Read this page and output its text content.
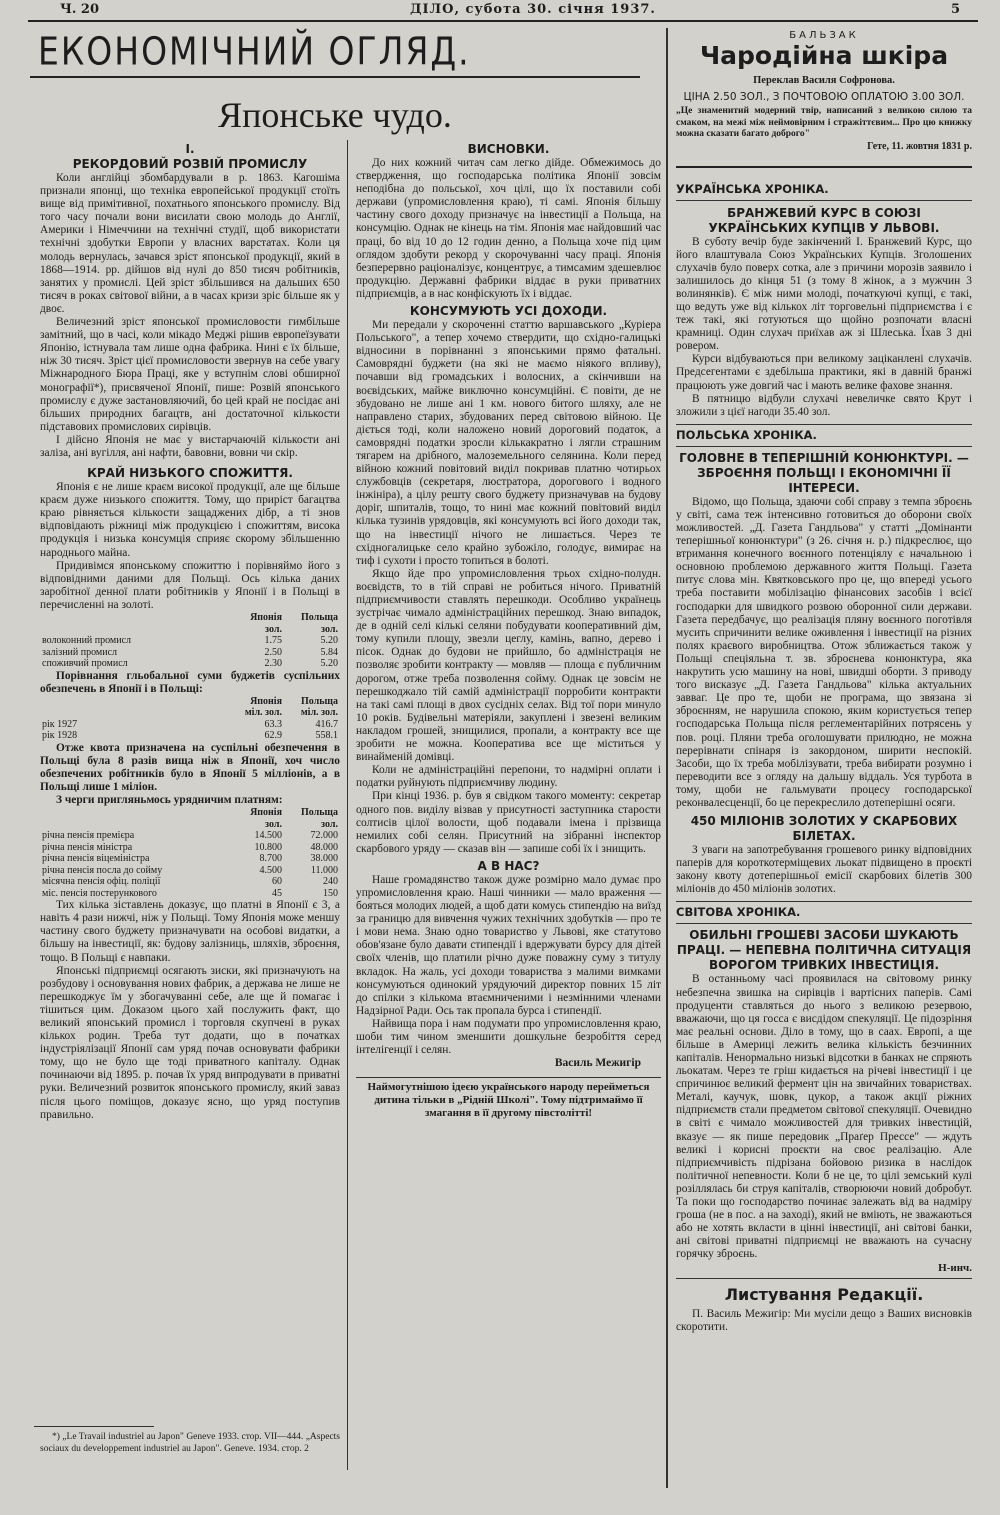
Ч. 20	ДІЛО, субота 30. січня 1937.	5
ЕКОНОМІЧНИЙ ОГЛЯД.
Японське чудо.
I.
РЕКОРДОВИЙ РОЗВІЙ ПРОМИСЛУ

Коли англійці збомбардували в р. 1863. Кагошіма признали японці, що техніка европейської продукції стоїть вище від примітивної, похатнього японського промислу. Від того часу почали вони висилати свою молодь до Англії, Америки і Німеччини на технічні студії, щоб використати технічні здобутки Европи у власних варстатах. Коли ця молодь вернулась, зачався зріст японської продукції, який в 1868—1914. рр. дійшов від нулі до 850 тисяч робітників, занятих у промислі. Цей зріст збільшився на дальших 650 тисяч в роках світової війни, а в часах кризи зріс більше як у двоє.

Величезний зріст японської промисловости гимбільше замітний, що в часі, коли мікадо Меджі рішив европеїзувати Японію, істнувала там лише одна фабрика. Нині є їх більше, ніж 30 тисяч. Зріст цієї промисловости звернув на себе увагу Міжнародного Бюра Праці, яке у вступнім слові обширної монографії*), присвяченої Японії, пише: Розвій японського промислу є дуже застановляючий, бо цей край не посідає ані більших природних багацтв, ані достаточної кількости підставових промислових сирівців.

І дійсно Японія не має у вистарчаючій кількости ані заліза, ані вугілля, ані нафти, бавовни, вовни чи скір.

КРАЙ НИЗЬКОГО СПОЖИТТЯ.

Японія є не лише краєм високої продукції, але ще більше краєм дуже низького спожиття. Тому, що приріст багацтва краю рівняється кількости защаджених дібр, а ті знов відповідають ріжниці між продукцією і спожиттям, висока продукція і низька консумція сприяє скорому збільшенню народнього майна.

Придивімся японському спожиттю і порівняймо його з відповідними даними для Польщі. Ось кілька даних заробітної денної плати робітників у Японії і в Польщі в перечисленні на золоті.

	Японія	Польща
	зол.	зол.
волоконний промисл	1.75	5.20
залізний промисл	2.50	5.84
споживчий промисл	2.30	5.20

Порівнання гльобальної суми буджетів суспільних обезпечень в Японії і в Польщі:

	Японія	Польща
	міл. зол.	міл. зол.
рік 1927	63.3	416.7
рік 1928	62.9	558.1

Отже квота призначена на суспільні обезпечення в Польщі була 8 разів вища ніж в Японії, хоч число обезпечених робітників було в Японії 5 мілліонів, а в Польщі лише 1 міліон.

З черги пригляньмось урядничим платням:

	Японія	Польща
	зол.	зол.
річна пенсія премієра	14.500	72.000
річна пенсія міністра	10.800	48.000
річна пенсія віцеміністра	8.700	38.000
річна пенсія посла до сойму	4.500	11.000
місячна пенсія офіц. поліції	60	240
міс. пенсія постерункового	45	150

Тих кілька зіставлень доказує, що платні в Японії є 3, а навіть 4 рази нижчі, ніж у Польщі. Тому Японія може меншу частину свого буджету призначувати на особові видатки, а більшу на інвестиції, як: будову залізниць, шляхів, зброєння, тощо. В Польщі є навпаки.

Японські підприємці осягають зиски, які призначують на розбудову і основування нових фабрик, а держава не лише не перешкоджує їм у збогачуванні себе, але ще й помагає і тішиться цим. Доказом цього хай послужить факт, що великий японський промисл і торговля скупчені в руках кількох родин. Треба тут додати, що в початках індустріялізації Японії сам уряд почав основувати фабрики тому, що не було ще тоді приватного капіталу. Однак починаючи від 1895. р. почав їх уряд випродувати в приватні руки. Величезний розвиток японського промислу, який заваз після цього поміщов, доказує ясно, що уряд поступив правильно.

*) „Le Travail industriel au Japon" Geneve 1933. стор. VII—444. „Aspects sociaux du developpement industriel au Japon". Geneve. 1934. стор. 2
ВИСНОВКИ.

До них кожний читач сам легко дійде. Обмежимось до ствердження, що господарська політика Японії зовсім неподібна до польської, хоч цілі, що їх поставили собі держави (упромисловлення краю), ті самі. Японія більшу частину свого доходу призначує на інвестиції а Польща, на консумцію. Однак не кінець на тім. Японія має найдовший час праці, бо від 10 до 12 годин денно, а Польща хоче під цим оглядом здобути рекорд у скорочуванні часу праці. Японія безперервно раціоналізує, концентрує, а тимсамим здешевлює продукцію. Державні фабрики віддає в руки приватних підприємців, а в нас конфіскують їх і віддає.

КОНСУМУЮТЬ УСІ ДОХОДИ.

Ми передали у скороченні статтю варшавського „Куріера Польського", а тепер хочемо ствердити, що східно-галицькі відносини в порівнанні з японськими прямо фатальні. Самоврядні буджети (на які не маємо ніякого впливу), почавши від громадських і волосних, а скінчивши на воєвідських, майже виключно консумційні. Є повіти, де не збудовано не лише ані 1 км. нового битого шляху, але не направлено старих, збудованих перед світовою війною. Це діється тоді, коли наложено новий дороговий податок, а самоврядні податки зросли кількакратно і лягли страшним тягарем на дрібного, малоземельного селянина. Коли перед війною кожний повітовий виділ покривав платню чотирьох службовців (секретаря, люстратора, дорогового і водного інжініра), а цілу решту свого буджету призначував на будову доріг, шпиталів, тощо, то нині має кожний повітовий виділ кілька тузинів урядовців, які консумують всі його доходи так, що на інвестиції нічого не лишається. Через те східногалицьке село крайно зубожіло, голодує, вимирає на тиф і сухоти і просто топиться в болоті.

Якщо йде про упромисловлення трьох східно-полудн. воєвідств, то в тій справі не робиться нічого. Приватній підприємчивости ставлять перешкоди. Особливо українець зустрічає чимало адміністраційних перешкод. Знаю випадок, де в одній селі кількі селяни побудувати кооперативний дім, тому купили площу, звезли цеглу, камінь, вапно, дерево і пісок. Однак до будови не прийшло, бо адміністрація не позволяє зробити контракту — мовляв — площа є публичним дорогом, отже треба позволення сойму. Однак це зовсім не перешкоджало тій самій адміністрації порробити контракти на такі самі площі в двох сусідніх селах. Від тої пори минуло 10 років. Будівельні матеріяли, закуплені і звезені великим накладом грошей, знищилися, пропали, а контракту все ще зробити не можна. Кооператива все ще міститься у винайменій домівці.

Коли не адміністраційні перепони, то надмірні оплати і податки руйнують підприємчиву людину.

При кінці 1936. р. був я свідком такого моменту: секретар одного пов. виділу візвав у присутності заступника старости солтисів цілої волости, щоб подавали імена і прізвища немилих собі селян. Присутний на зібранні інспектор скарбового уряду — сказав він — запише собі їх і знищить.

А В НАС?

Наше громадянство також дуже розмірно мало думає про упромисловлення краю. Наші чинники — мало враження — бояться молодих людей, а щоб дати комусь стипендію на виїзд за границю для вивчення чужих технічних здобутків — про те і мови нема. Знаю одно товариство у Львові, яке статутово обов'язане було давати стипендії і вдержувати бурсу для дітей своїх членів, що платили річно дуже поважну суму з титулу вкладок. На жаль, усі доходи товариства з малими вимками консумуються одинокий урядуючий директор повних 15 літ до спілки з кількома втаємниченими і незмінними членами Надзірної Ради. Ось так пропала бурса і стипендії.

Найвища пора і нам подумати про упромисловлення краю, шоби тим чином зменшити дошкульне безробіття серед інтелігенції і селян.

Василь Межигір
Наймогутнішою ідеєю українського народу перейметься дитина тільки в „Рідній Школі". Тому підтримаймо її змагання в її другому півстолітті!
БАЛЬЗАК
Чародійна шкіра
Переклав Василя Софронова.
ЦІНА 2.50 ЗОЛ., З ПОЧТОВОЮ ОПЛАТОЮ 3.00 ЗОЛ.

„Це знаменитий модерний твір, написаний з великою силою та смаком, на межі між неймовірним і стражіттєвим... Про цю книжку можна сказати багато доброго"

Гете, 11. жовтня 1831 р.
УКРАЇНСЬКА ХРОНІКА.
БРАНЖЕВИЙ КУРС В СОЮЗІ УКРАЇНСЬКИХ КУПЦІВ У ЛЬВОВІ.

В суботу вечір буде закінчений І. Бранжевий Курс, що його влаштувала Союз Українських Купців. Зголошених слухачів було поверх сотка, але з причини морозів заявило і залишилось до кінця 51 (з тому 8 жінок, а з мужчин 3 волинянків). Є між ними молоді, початкуючі купці, є такі, що ведуть уже від кількох літ торговельні підприємства і є теж такі, які готуються що щойно розпочати власні крамниці. Один слухач приїхав аж зі Шлеська. Їхав 3 дні ровером.

Курси відбуваються при великому заціканлені слухачів. Предсегентами є здебільша практики, які в давній бранжі працюють уже довгий час і мають велике фахове знання.

В пятницю відбули слухачі невеличке свято Крут і зложили з цієї нагоди 35.40 зол.

ПОЛЬСЬКА ХРОНІКА.
ГОЛОВНЕ В ТЕПЕРІШНІЙ КОНЮНКТУРІ. — ЗБРОЄННЯ ПОЛЬЩІ І ЕКОНОМІЧНІ ЇЇ ІНТЕРЕСИ.

Відомо, що Польща, здаючи собі справу з темпа зброєнь у світі, сама теж інтенсивно готовиться до оборони своїх можливостей. „Д. Газета Гандльова" у статті „Домінанти теперішньої конюнктури" (з 26. січня н. р.) підкреслює, що втримання конечного воєнного потенціялу є начальною і основною проблемою державного життя Польщі. Газета питує слова мін. Квятковського про це, що впереді усього треба поставити мобілізацію фінансових засобів і всієї господарки для швидкого розвою оборонної сили держави. Газета передбачує, що реалізація пляну воєнного поготівля мусить спричинити велике оживлення і інвестиції на різних полях краєвого виробництва. Отож зближається також у Польщі спеціяльна т. зв. зброєнева конюнктура, яка накрутить усю машину на нові, швидші оборти. З приводу того висказує „Д. Газета Гандльова" кілька актуальних завваг. Це про те, щоби не програма, що звязана зі зброєнням, не нарушила спокою, яким користується тепер господарська Польща після реглементарійних потрясень у пов. році. Пляни треба оголошувати прилюдно, не можна перерівнати спінаря із закордоном, ширити неспокій. Засоби, що їх треба мобілізувати, треба вибирати розумно і переводити все з огляду на дальшу віддаль. Уся турбота в тому, щоби не гальмувати процесу господарської реконвалесценції, бо це перекреслило дотеперішні осяги.

450 МІЛІОНІВ ЗОЛОТИХ У СКАРБОВИХ БІЛЕТАХ.

З уваги на запотребування грошевого ринку відповідних паперів для короткотерміщевих льокат підвищено в проєкті закону квоту дотеперішньої еміcії скарбових білетів 300 міліонів до 450 міліонів золотих.

СВІТОВА ХРОНІКА.
ОБИЛЬНІ ГРОШЕВІ ЗАСОБИ ШУКАЮТЬ ПРАЦІ. — НЕПЕВНА ПОЛІТИЧНА СИТУАЦІЯ ВОРОГОМ ТРИВКИХ ІНВЕСТИЦІЯ.

В останньому часі проявилася на світовому ринку небезпечна звишка на сирівців і вартісних паперів. Самі продуценти ставляться до нього з великою резервою, вважаючи, що ця госса є висдідом спекуляції. Це підозріння має реальні основи. Діло в тому, що в саах. Европі, а ще більше в Америці лежить велика кількість безчинних капіталів. Ненормально низькі відсотки в банках не спряють льокатам. Через те гріш кидається на річеві інвестиції і це спричинює великий фермент цін на звичайних товариствах. Металі, каучук, шовк, цукор, а також акції ріжних підприємств стали предметом світової спекуляції. Очевидно в світі є чимало можливостей для тривких інвестицій, вказує — як пише передовик „Праґер Прессе" — ждуть великі і корисні проєкти на своє реалізацію. Але підприємчивість підрізана бойовою ризика в наслідок політичної непевности. Коли б не це, то цілі земський кулі розіллялась би струя капіталів, створюючи новий добробут. Та поки що господарство починає залежать від ва надміру гроша (не в пос. а на заході), який не вміють, не зважаються або не хотять вкласти в цінні інвестиції, ані світові банки, ані світові приватні підприємці не вважають на сучасну горячку зброєнь.

Н-инч.
Листування Редакції.

П. Василь Межигір: Ми мусіли дещо з Ваших висновків скоротити.
